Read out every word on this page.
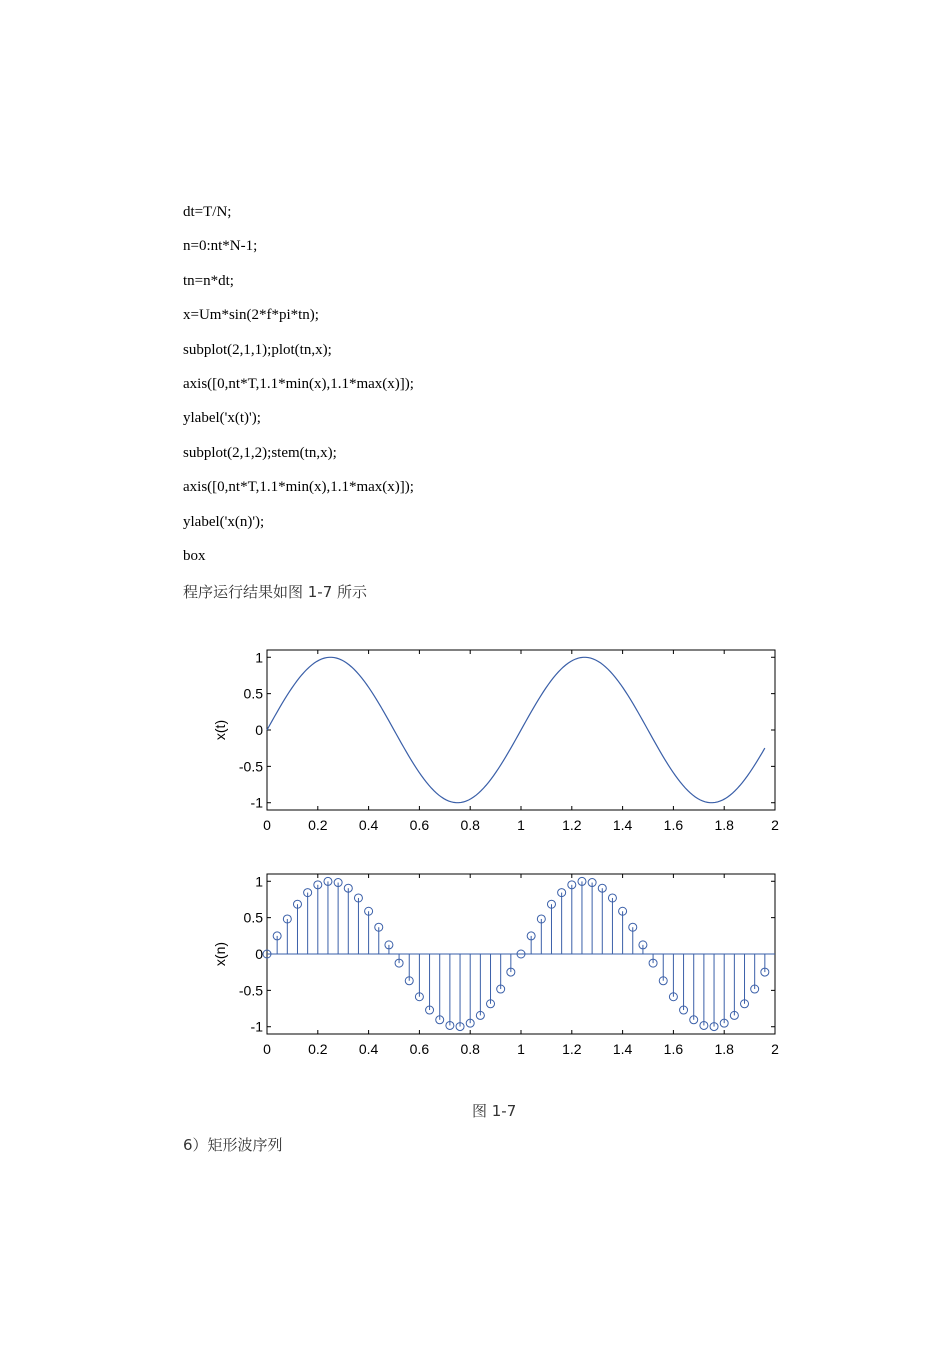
dt=T/N;
n=0:nt*N-1;
tn=n*dt;
x=Um*sin(2*f*pi*tn);
subplot(2,1,1);plot(tn,x);
axis([0,nt*T,1.1*min(x),1.1*max(x)]);
ylabel('x(t)');
subplot(2,1,2);stem(tn,x);
axis([0,nt*T,1.1*min(x),1.1*max(x)]);
ylabel('x(n)');
box
程序运行结果如图 1-7 所示
0	0.2 0.4 0.6 0.8	1	1.2 1.4 1.6 1.8	2
1
0.5
0
-0.5
-1
x(t)
0	0.2 0.4 0.6 0.8	1	1.2 1.4 1.6 1.8	2
1
0.5
0
-0.5
-1
x(n)
图 1-7
6）矩形波序列
